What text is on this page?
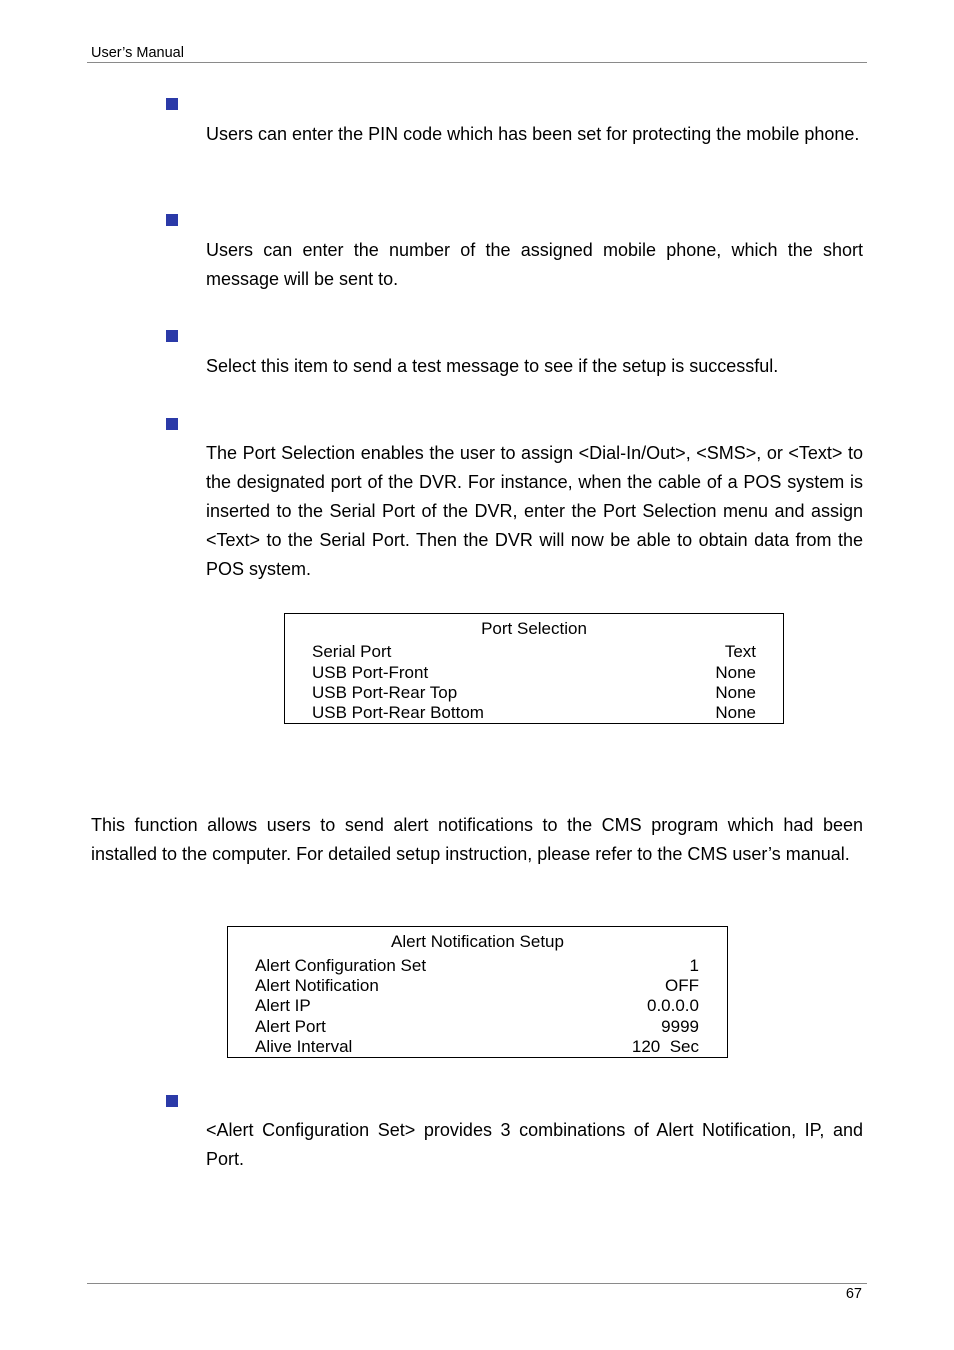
User’s Manual

Users can enter the PIN code which has been set for protecting the mobile phone.

Users can enter the number of the assigned mobile phone, which the short message will be sent to.

Select this item to send a test message to see if the setup is successful.

The Port Selection enables the user to assign <Dial-In/Out>, <SMS>, or <Text> to the designated port of the DVR. For instance, when the cable of a POS system is inserted to the Serial Port of the DVR, enter the Port Selection menu and assign <Text> to the Serial Port. Then the DVR will now be able to obtain data from the POS system.

Port Selection
Serial Port	Text
USB Port-Front	None
USB Port-Rear Top	None
USB Port-Rear Bottom	None

This function allows users to send alert notifications to the CMS program which had been installed to the computer. For detailed setup instruction, please refer to the CMS user’s manual.

Alert Notification Setup
Alert Configuration Set	1
Alert Notification	OFF
Alert IP	0.0.0.0
Alert Port	9999
Alive Interval	120  Sec

<Alert Configuration Set> provides 3 combinations of Alert Notification, IP, and Port.

67
